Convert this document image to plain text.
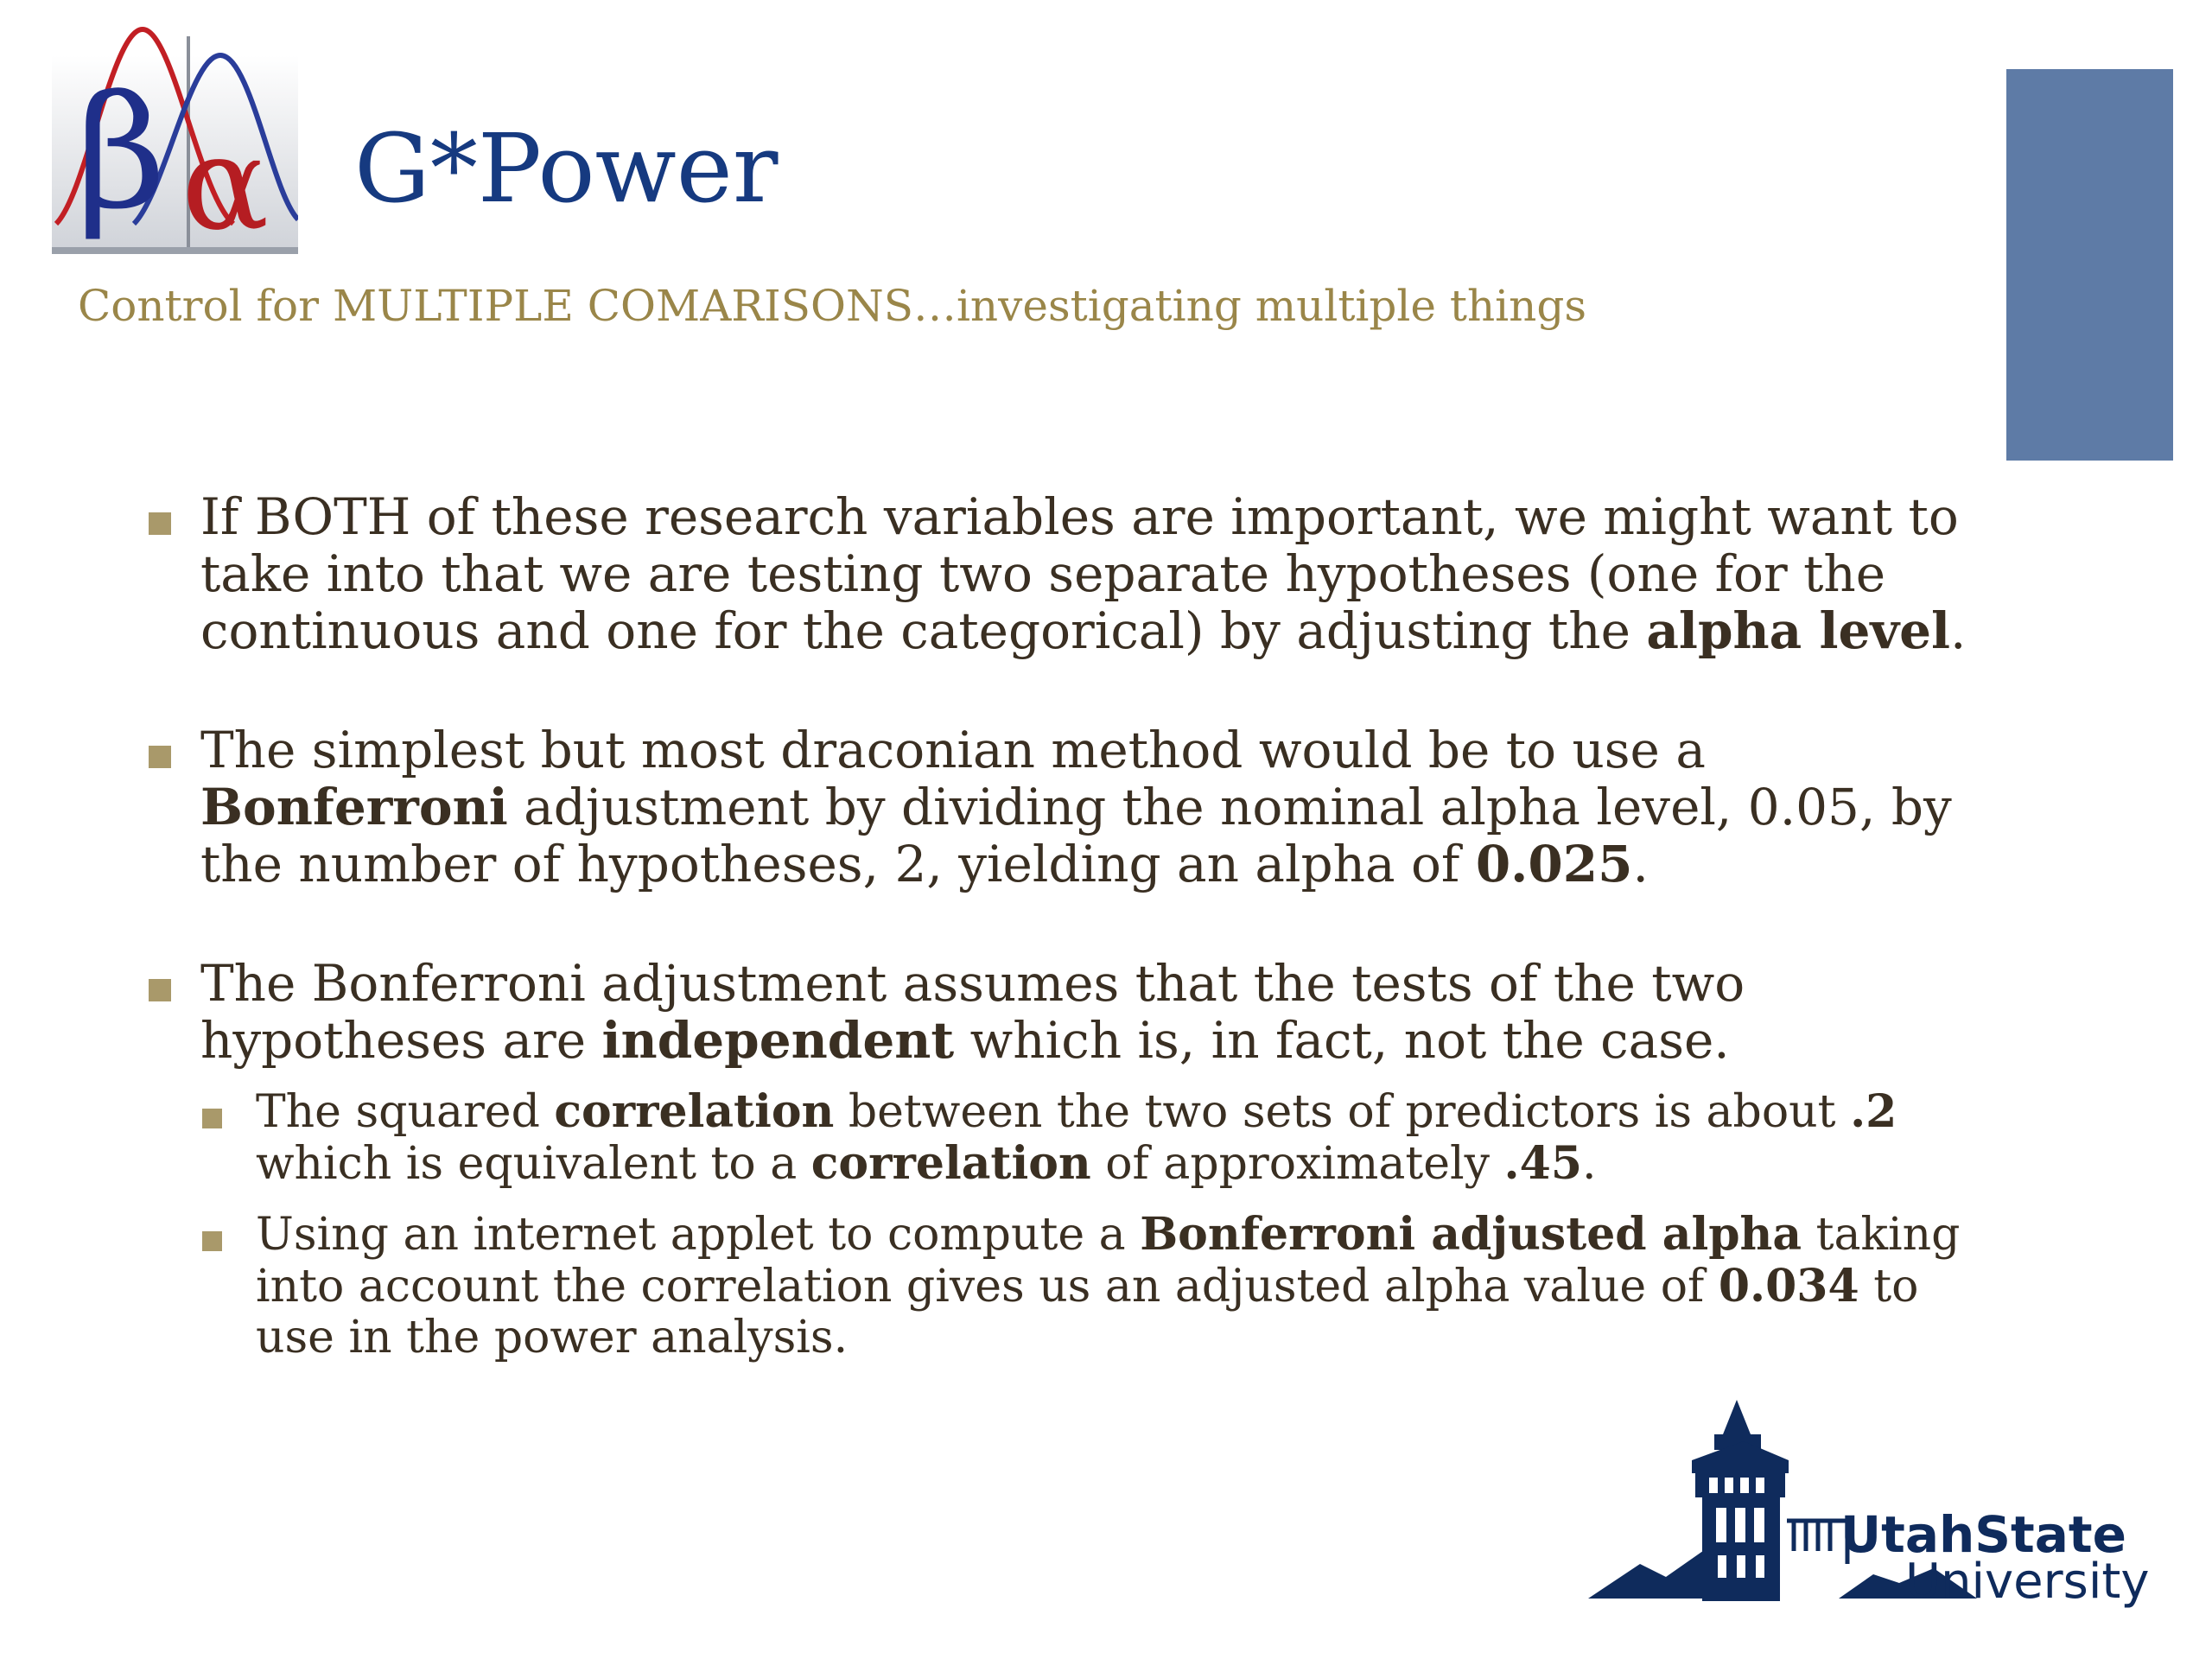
β α G*Power
Control for MULTIPLE COMARISONS…investigating multiple things
If BOTH of these research variables are important, we might want to take into that we are testing two separate hypotheses (one for the continuous and one for the categorical) by adjusting the alpha level.
The simplest but most draconian method would be to use a Bonferroni adjustment by dividing the nominal alpha level, 0.05, by the number of hypotheses, 2, yielding an alpha of 0.025.
The Bonferroni adjustment assumes that the tests of the two hypotheses are independent which is, in fact, not the case.
The squared correlation between the two sets of predictors is about .2 which is equivalent to a correlation of approximately .45.
Using an internet applet to compute a Bonferroni adjusted alpha taking into account the correlation gives us an adjusted alpha value of 0.034 to use in the power analysis.
UtahState
University
